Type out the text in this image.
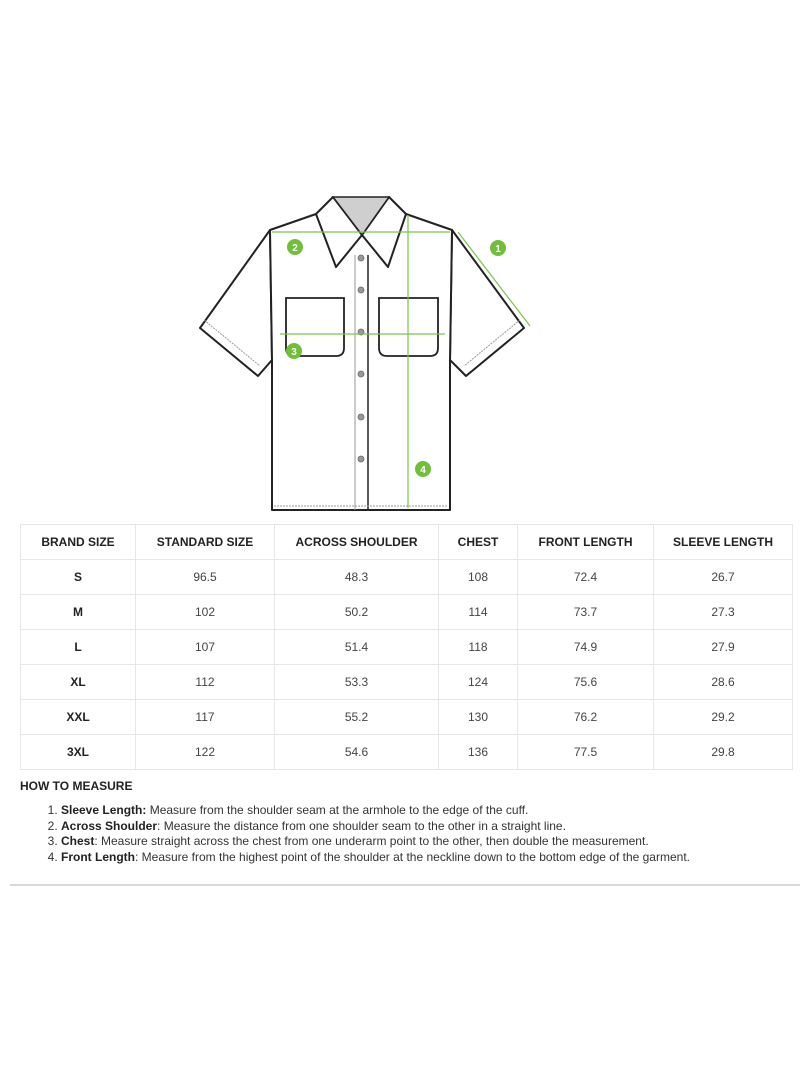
1
2
3
4
BRAND SIZE	STANDARD SIZE	ACROSS SHOULDER	CHEST	FRONT LENGTH	SLEEVE LENGTH
S	96.5	48.3	108	72.4	26.7
M	102	50.2	114	73.7	27.3
L	107	51.4	118	74.9	27.9
XL	112	53.3	124	75.6	28.6
XXL	117	55.2	130	76.2	29.2
3XL	122	54.6	136	77.5	29.8
HOW TO MEASURE
1. Sleeve Length: Measure from the shoulder seam at the armhole to the edge of the cuff.
2. Across Shoulder: Measure the distance from one shoulder seam to the other in a straight line.
3. Chest: Measure straight across the chest from one underarm point to the other, then double the measurement.
4. Front Length: Measure from the highest point of the shoulder at the neckline down to the bottom edge of the garment.
